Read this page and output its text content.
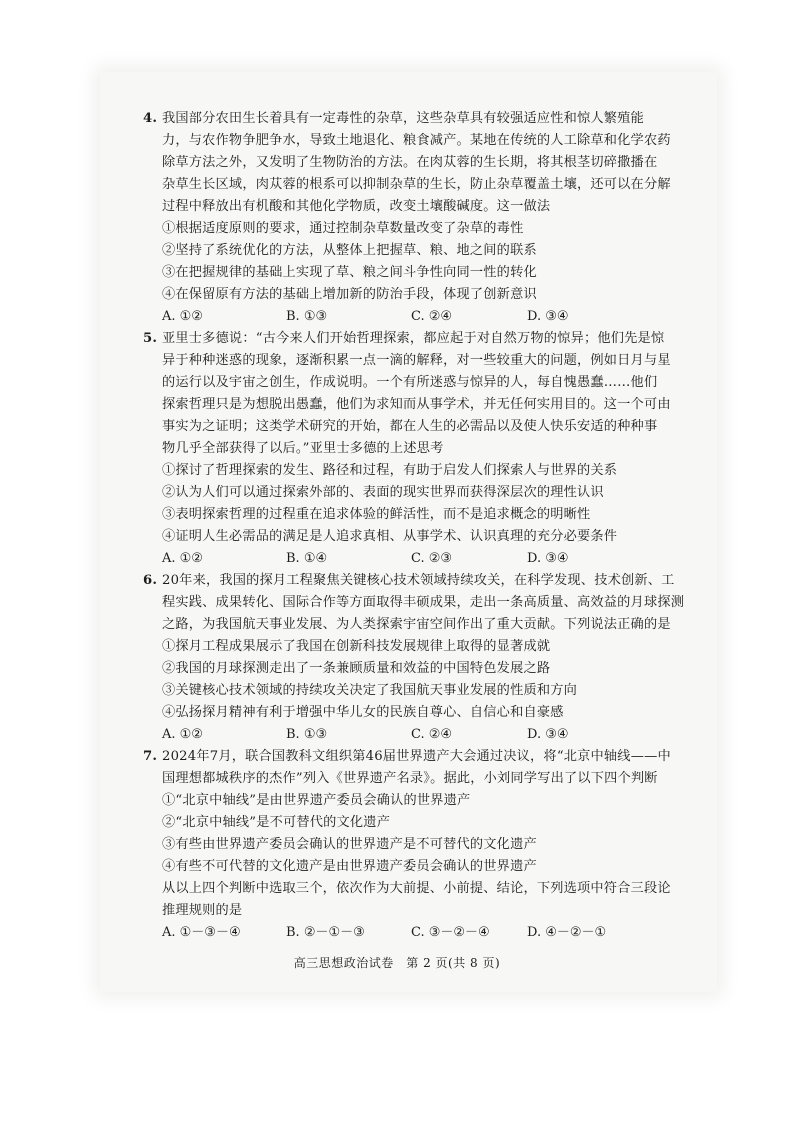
4. 我国部分农田生长着具有一定毒性的杂草，这些杂草具有较强适应性和惊人繁殖能
力，与农作物争肥争水，导致土地退化、粮食减产。某地在传统的人工除草和化学农药
除草方法之外，又发明了生物防治的方法。在肉苁蓉的生长期，将其根茎切碎撒播在
杂草生长区域，肉苁蓉的根系可以抑制杂草的生长，防止杂草覆盖土壤，还可以在分解
过程中释放出有机酸和其他化学物质，改变土壤酸碱度。这一做法
①根据适度原则的要求，通过控制杂草数量改变了杂草的毒性
②坚持了系统优化的方法，从整体上把握草、粮、地之间的联系
③在把握规律的基础上实现了草、粮之间斗争性向同一性的转化
④在保留原有方法的基础上增加新的防治手段，体现了创新意识
A. ①②	B. ①③	C. ②④	D. ③④
5. 亚里士多德说：“古今来人们开始哲理探索，都应起于对自然万物的惊异；他们先是惊
异于种种迷惑的现象，逐渐积累一点一滴的解释，对一些较重大的问题，例如日月与星
的运行以及宇宙之创生，作成说明。一个有所迷惑与惊异的人，每自愧愚蠢……他们
探索哲理只是为想脱出愚蠢，他们为求知而从事学术，并无任何实用目的。这一个可由
事实为之证明；这类学术研究的开始，都在人生的必需品以及使人快乐安适的种种事
物几乎全部获得了以后。”亚里士多德的上述思考
①探讨了哲理探索的发生、路径和过程，有助于启发人们探索人与世界的关系
②认为人们可以通过探索外部的、表面的现实世界而获得深层次的理性认识
③表明探索哲理的过程重在追求体验的鲜活性，而不是追求概念的明晰性
④证明人生必需品的满足是人追求真相、从事学术、认识真理的充分必要条件
A. ①②	B. ①④	C. ②③	D. ③④
6. 20年来，我国的探月工程聚焦关键核心技术领域持续攻关，在科学发现、技术创新、工
程实践、成果转化、国际合作等方面取得丰硕成果，走出一条高质量、高效益的月球探测
之路，为我国航天事业发展、为人类探索宇宙空间作出了重大贡献。下列说法正确的是
①探月工程成果展示了我国在创新科技发展规律上取得的显著成就
②我国的月球探测走出了一条兼顾质量和效益的中国特色发展之路
③关键核心技术领域的持续攻关决定了我国航天事业发展的性质和方向
④弘扬探月精神有利于增强中华儿女的民族自尊心、自信心和自豪感
A. ①②	B. ①③	C. ②④	D. ③④
7. 2024年7月，联合国教科文组织第46届世界遗产大会通过决议，将“北京中轴线——中
国理想都城秩序的杰作”列入《世界遗产名录》。据此，小刘同学写出了以下四个判断
①“北京中轴线”是由世界遗产委员会确认的世界遗产
②“北京中轴线”是不可替代的文化遗产
③有些由世界遗产委员会确认的世界遗产是不可替代的文化遗产
④有些不可代替的文化遗产是由世界遗产委员会确认的世界遗产
从以上四个判断中选取三个，依次作为大前提、小前提、结论，下列选项中符合三段论
推理规则的是
A. ①－③－④	B. ②－①－③	C. ③－②－④	D. ④－②－①
高三思想政治试卷　第 2 页(共 8 页)
